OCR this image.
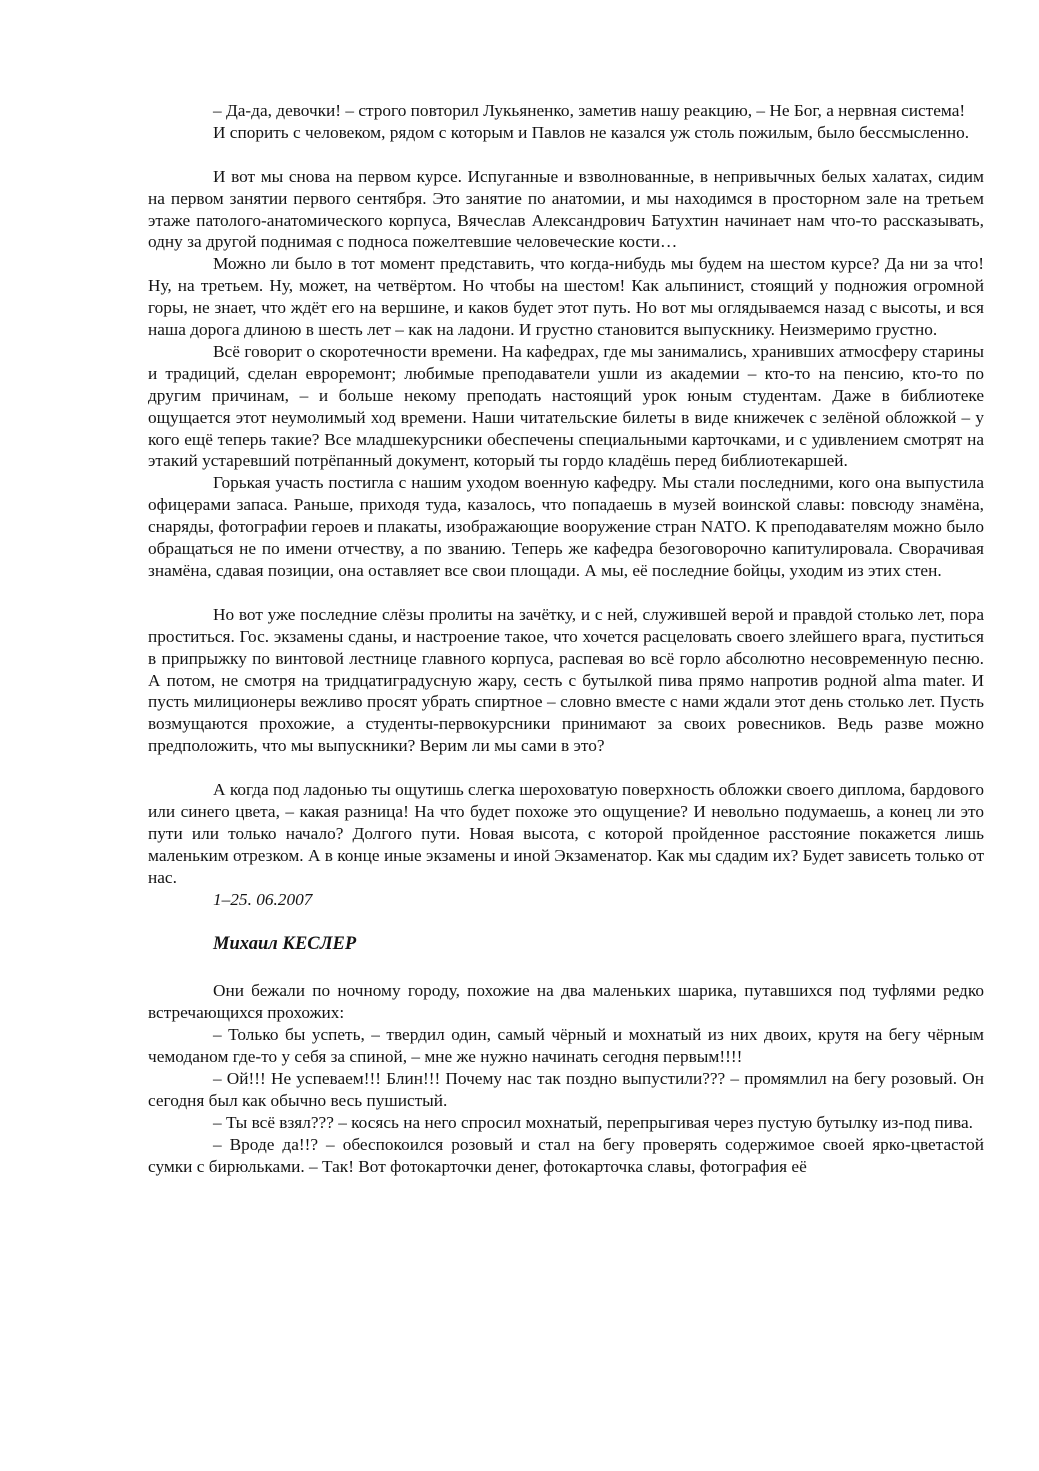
– Да-да, девочки! – строго повторил Лукьяненко, заметив нашу реакцию, – Не Бог, а нервная система!

И спорить с человеком, рядом с которым и Павлов не казался уж столь пожилым, было бессмысленно.

И вот мы снова на первом курсе. Испуганные и взволнованные, в непривычных белых халатах, сидим на первом занятии первого сентября. Это занятие по анатомии, и мы находимся в просторном зале на третьем этаже патолого-анатомического корпуса, Вячеслав Александрович Батухтин начинает нам что-то рассказывать, одну за другой поднимая с подноса пожелтевшие человеческие кости…

Можно ли было в тот момент представить, что когда-нибудь мы будем на шестом курсе? Да ни за что! Ну, на третьем. Ну, может, на четвёртом. Но чтобы на шестом! Как альпинист, стоящий у подножия огромной горы, не знает, что ждёт его на вершине, и каков будет этот путь. Но вот мы оглядываемся назад с высоты, и вся наша дорога длиною в шесть лет – как на ладони. И грустно становится выпускнику. Неизмеримо грустно.

Всё говорит о скоротечности времени. На кафедрах, где мы занимались, хранивших атмосферу старины и традиций, сделан евроремонт; любимые преподаватели ушли из академии – кто-то на пенсию, кто-то по другим причинам, – и больше некому преподать настоящий урок юным студентам. Даже в библиотеке ощущается этот неумолимый ход времени. Наши читательские билеты в виде книжечек с зелёной обложкой – у кого ещё теперь такие? Все младшекурсники обеспечены специальными карточками, и с удивлением смотрят на этакий устаревший потрёпанный документ, который ты гордо кладёшь перед библиотекаршей.

Горькая участь постигла с нашим уходом военную кафедру. Мы стали последними, кого она выпустила офицерами запаса. Раньше, приходя туда, казалось, что попадаешь в музей воинской славы: повсюду знамёна, снаряды, фотографии героев и плакаты, изображающие вооружение стран NATO. К преподавателям можно было обращаться не по имени отчеству, а по званию. Теперь же кафедра безоговорочно капитулировала. Сворачивая знамёна, сдавая позиции, она оставляет все свои площади. А мы, её последние бойцы, уходим из этих стен.

Но вот уже последние слёзы пролиты на зачётку, и с ней, служившей верой и правдой столько лет, пора проститься. Гос. экзамены сданы, и настроение такое, что хочется расцеловать своего злейшего врага, пуститься в припрыжку по винтовой лестнице главного корпуса, распевая во всё горло абсолютно несовременную песню. А потом, не смотря на тридцатиградусную жару, сесть с бутылкой пива прямо напротив родной alma mater. И пусть милиционеры вежливо просят убрать спиртное – словно вместе с нами ждали этот день столько лет. Пусть возмущаются прохожие, а студенты-первокурсники принимают за своих ровесников. Ведь разве можно предположить, что мы выпускники? Верим ли мы сами в это?

А когда под ладонью ты ощутишь слегка шероховатую поверхность обложки своего диплома, бардового или синего цвета, – какая разница! На что будет похоже это ощущение? И невольно подумаешь, а конец ли это пути или только начало? Долгого пути. Новая высота, с которой пройденное расстояние покажется лишь маленьким отрезком. А в конце иные экзамены и иной Экзаменатор. Как мы сдадим их? Будет зависеть только от нас.

1–25. 06.2007

Михаил КЕСЛЕР

Они бежали по ночному городу, похожие на два маленьких шарика, путавшихся под туфлями редко встречающихся прохожих:

– Только бы успеть, – твердил один, самый чёрный и мохнатый из них двоих, крутя на бегу чёрным чемоданом где-то у себя за спиной, – мне же нужно начинать сегодня первым!!!!

– Ой!!! Не успеваем!!! Блин!!! Почему нас так поздно выпустили??? – промямлил на бегу розовый. Он сегодня был как обычно весь пушистый.

– Ты всё взял??? – косясь на него спросил мохнатый, перепрыгивая через пустую бутылку из-под пива.

– Вроде да!!? – обеспокоился розовый и стал на бегу проверять содержимое своей ярко-цветастой сумки с бирюльками. – Так! Вот фотокарточки денег, фотокарточка славы, фотография её
